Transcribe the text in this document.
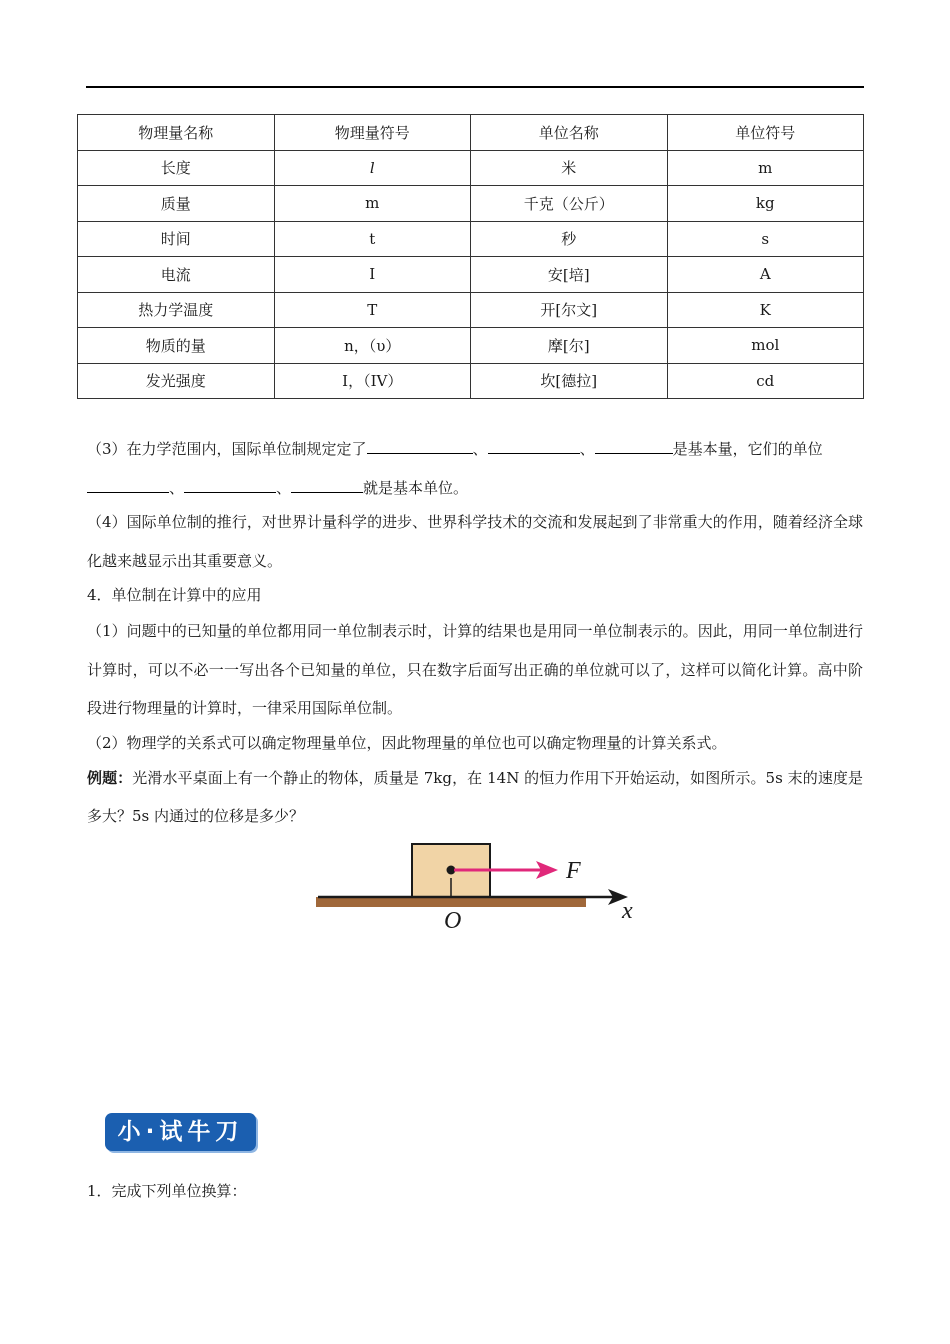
物理量名称	物理量符号	单位名称	单位符号
长度	l	米	m
质量	m	千克（公斤）	kg
时间	t	秒	s
电流	I	安[培]	A
热力学温度	T	开[尔文]	K
物质的量	n，（υ）	摩[尔]	mol
发光强度	I，（IV）	坎[德拉]	cd
（3）在力学范围内，国际单位制规定定了	、	、	是基本量，它们的单位
、	、	就是基本单位。
（4）国际单位制的推行，对世界计量科学的进步、世界科学技术的交流和发展起到了非常重大的作用，随着经济全球化越来越显示出其重要意义。
4．单位制在计算中的应用
（1）问题中的已知量的单位都用同一单位制表示时，计算的结果也是用同一单位制表示的。因此，用同一单位制进行计算时，可以不必一一写出各个已知量的单位，只在数字后面写出正确的单位就可以了，这样可以简化计算。高中阶段进行物理量的计算时，一律采用国际单位制。
（2）物理学的关系式可以确定物理量单位，因此物理量的单位也可以确定物理量的计算关系式。
例题：光滑水平桌面上有一个静止的物体，质量是 7kg，在 14N 的恒力作用下开始运动，如图所示。5s 末的速度是多大？5s 内通过的位移是多少？
F
O	x
小·试牛刀
1．完成下列单位换算：
